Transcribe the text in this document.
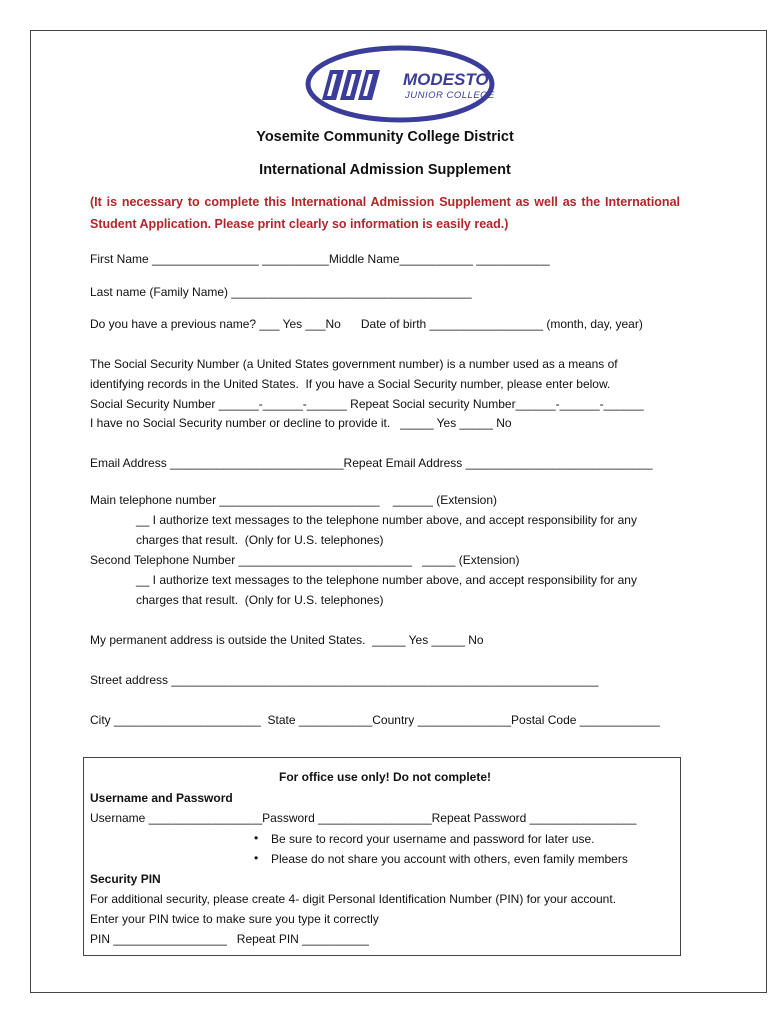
MODESTO
JUNIOR COLLEGE
Yosemite Community College District
International Admission Supplement
(It is necessary to complete this International Admission Supplement as well as the International Student Application. Please print clearly so information is easily read.)
First Name ________________ __________Middle Name___________ ___________
Last name (Family Name) ____________________________________
Do you have a previous name? ___ Yes ___No      Date of birth _________________ (month, day, year)
The Social Security Number (a United States government number) is a number used as a means of
identifying records in the United States.  If you have a Social Security number, please enter below.
Social Security Number ______-______-______ Repeat Social security Number______-______-______
I have no Social Security number or decline to provide it.   _____ Yes _____ No
Email Address __________________________Repeat Email Address ____________________________
Main telephone number ________________________    ______ (Extension)
__ I authorize text messages to the telephone number above, and accept responsibility for any
charges that result.  (Only for U.S. telephones)
Second Telephone Number __________________________   _____ (Extension)
__ I authorize text messages to the telephone number above, and accept responsibility for any
charges that result.  (Only for U.S. telephones)
My permanent address is outside the United States.  _____ Yes _____ No
Street address ________________________________________________________________
City ______________________  State ___________Country ______________Postal Code ____________
For office use only! Do not complete!
Username and Password
Username _________________Password _________________Repeat Password ________________
• Be sure to record your username and password for later use.
• Please do not share you account with others, even family members
Security PIN
For additional security, please create 4- digit Personal Identification Number (PIN) for your account.
Enter your PIN twice to make sure you type it correctly
PIN _________________   Repeat PIN __________
